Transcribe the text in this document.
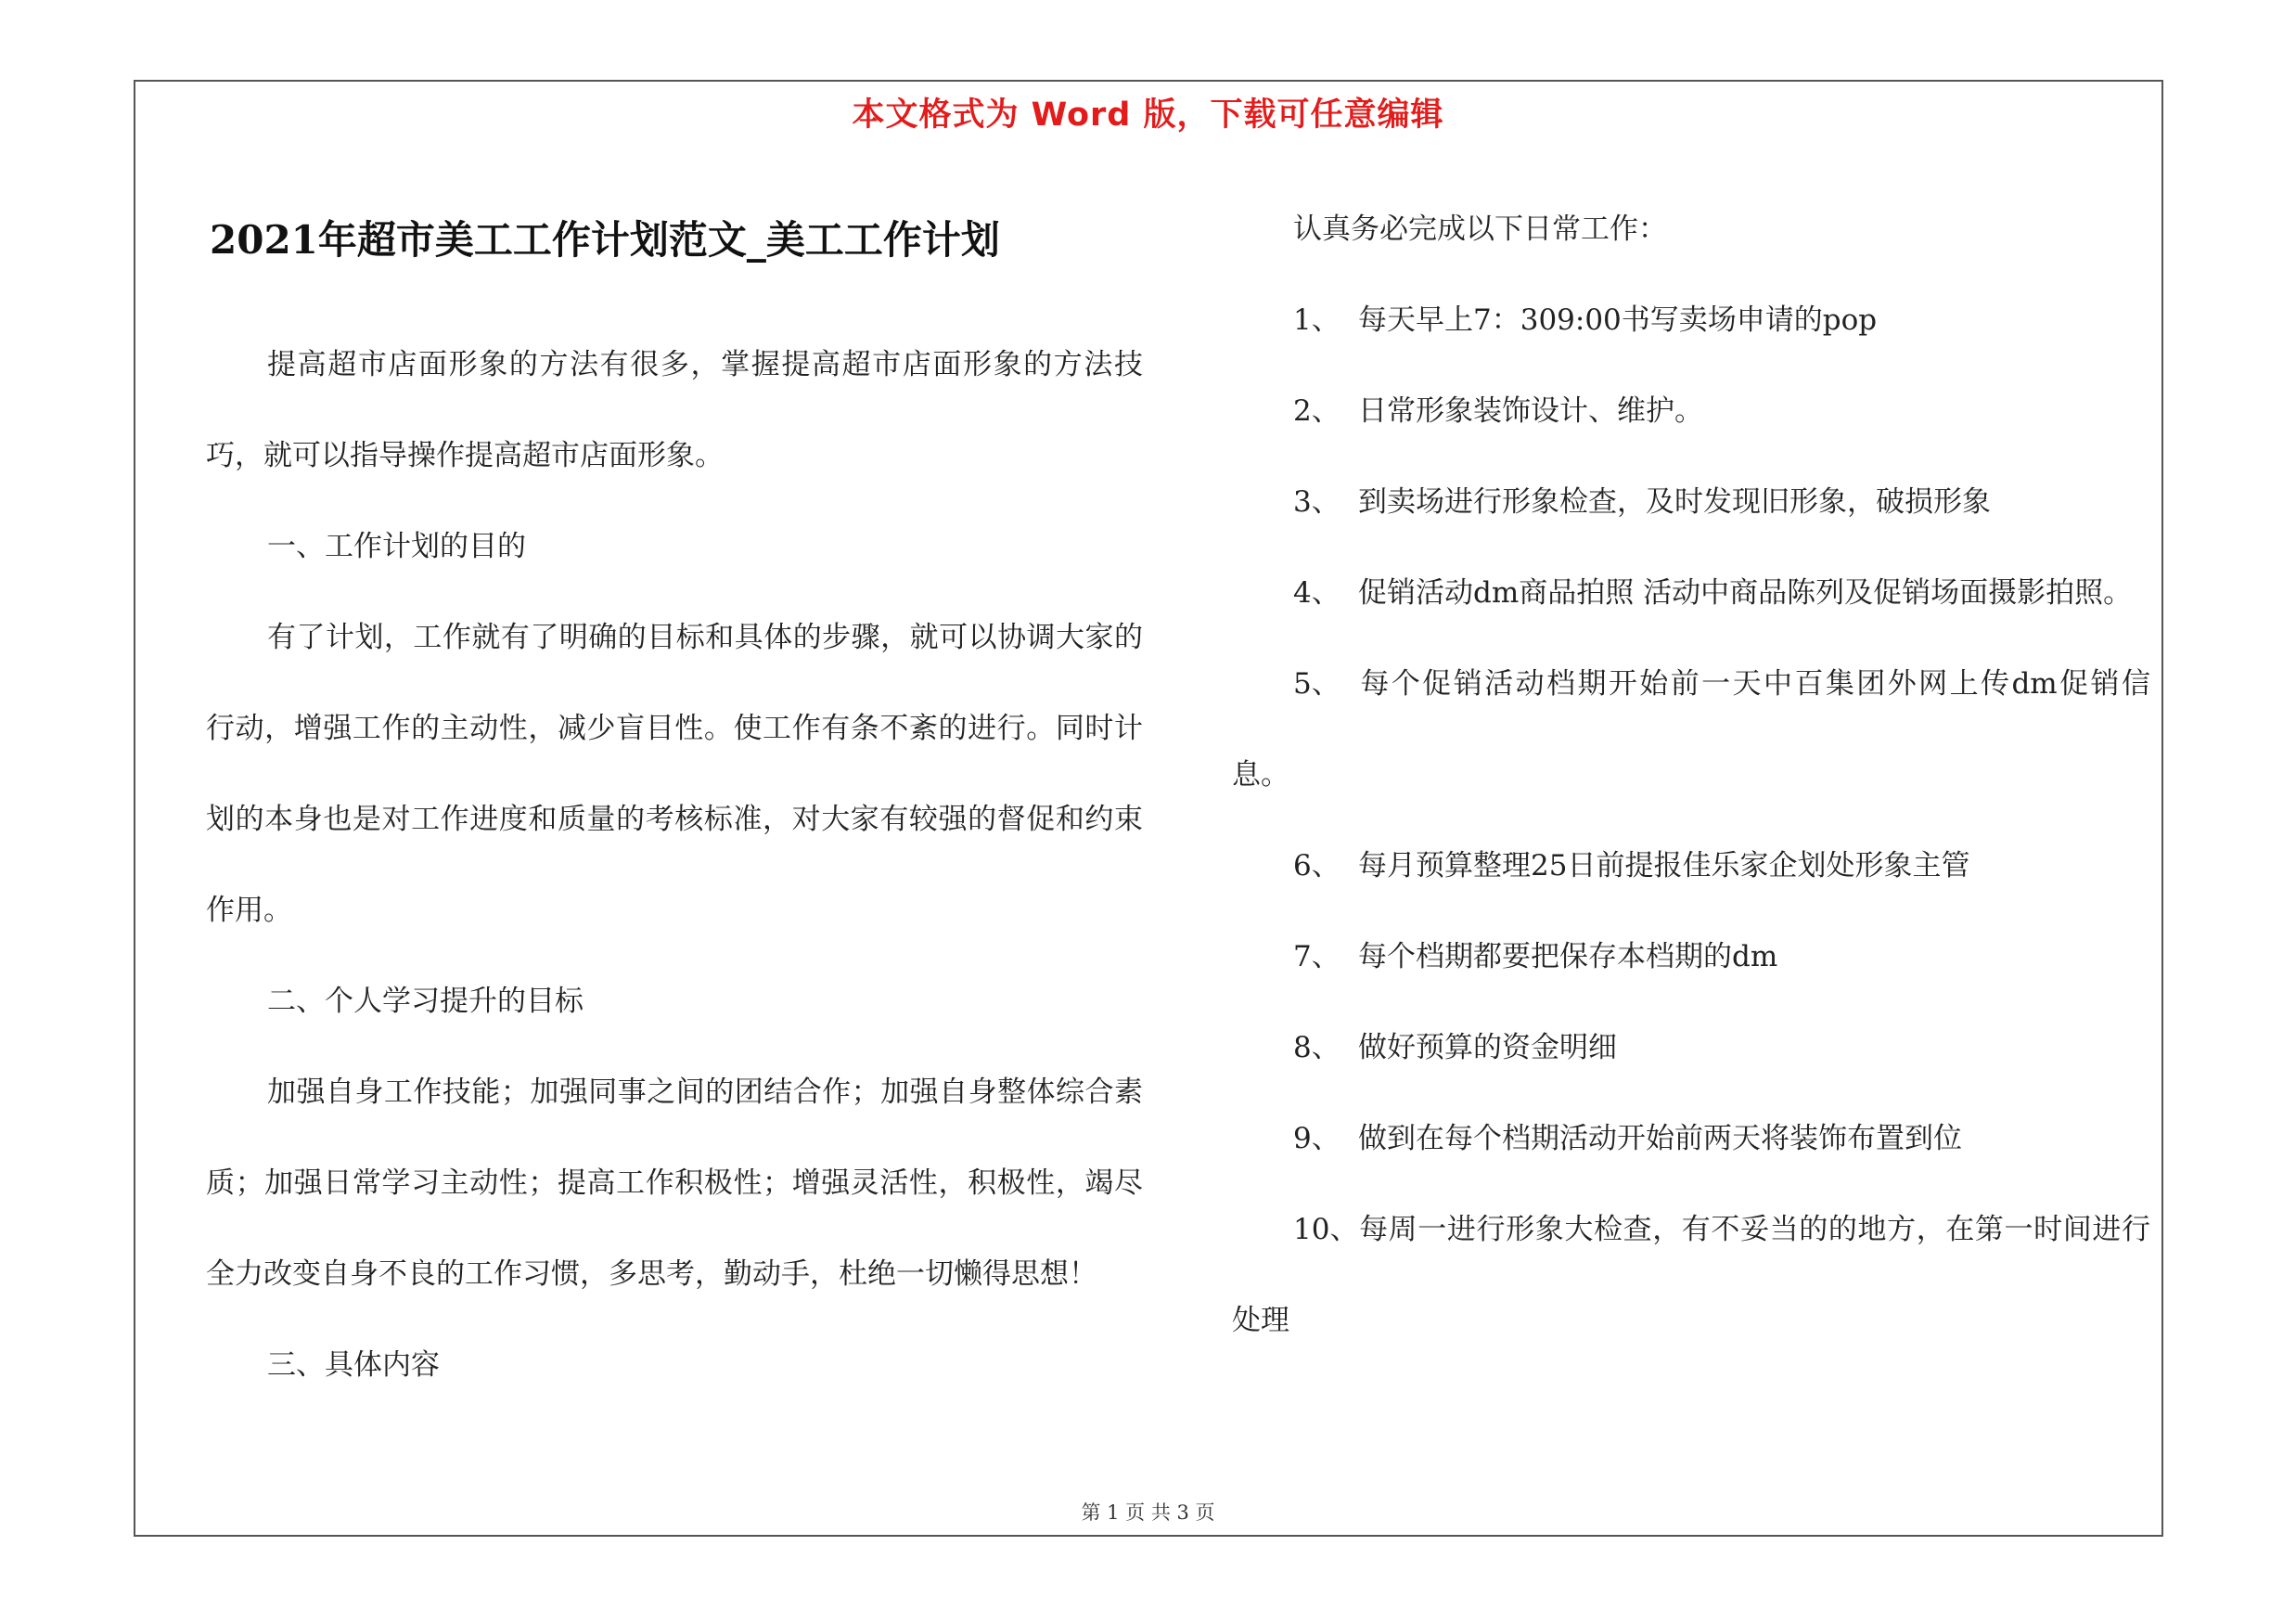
本文格式为 Word 版，下载可任意编辑
2021年超市美工工作计划范文_美工工作计划

提高超市店面形象的方法有很多，掌握提高超市店面形象的方法技巧，就可以指导操作提高超市店面形象。

一、工作计划的目的

有了计划，工作就有了明确的目标和具体的步骤，就可以协调大家的行动，增强工作的主动性，减少盲目性。使工作有条不紊的进行。同时计划的本身也是对工作进度和质量的考核标准，对大家有较强的督促和约束作用。

二、个人学习提升的目标

加强自身工作技能；加强同事之间的团结合作；加强自身整体综合素质；加强日常学习主动性；提高工作积极性；增强灵活性，积极性，竭尽全力改变自身不良的工作习惯，多思考，勤动手，杜绝一切懒得思想！

三、具体内容

认真务必完成以下日常工作：

1、 每天早上7：309:00书写卖场申请的pop

2、 日常形象装饰设计、维护。

3、 到卖场进行形象检查，及时发现旧形象，破损形象

4、 促销活动dm商品拍照 活动中商品陈列及促销场面摄影拍照。

5、 每个促销活动档期开始前一天中百集团外网上传dm促销信息。

6、 每月预算整理25日前提报佳乐家企划处形象主管

7、 每个档期都要把保存本档期的dm

8、 做好预算的资金明细

9、 做到在每个档期活动开始前两天将装饰布置到位

10、每周一进行形象大检查，有不妥当的的地方，在第一时间进行处理

第 1 页 共 3 页
